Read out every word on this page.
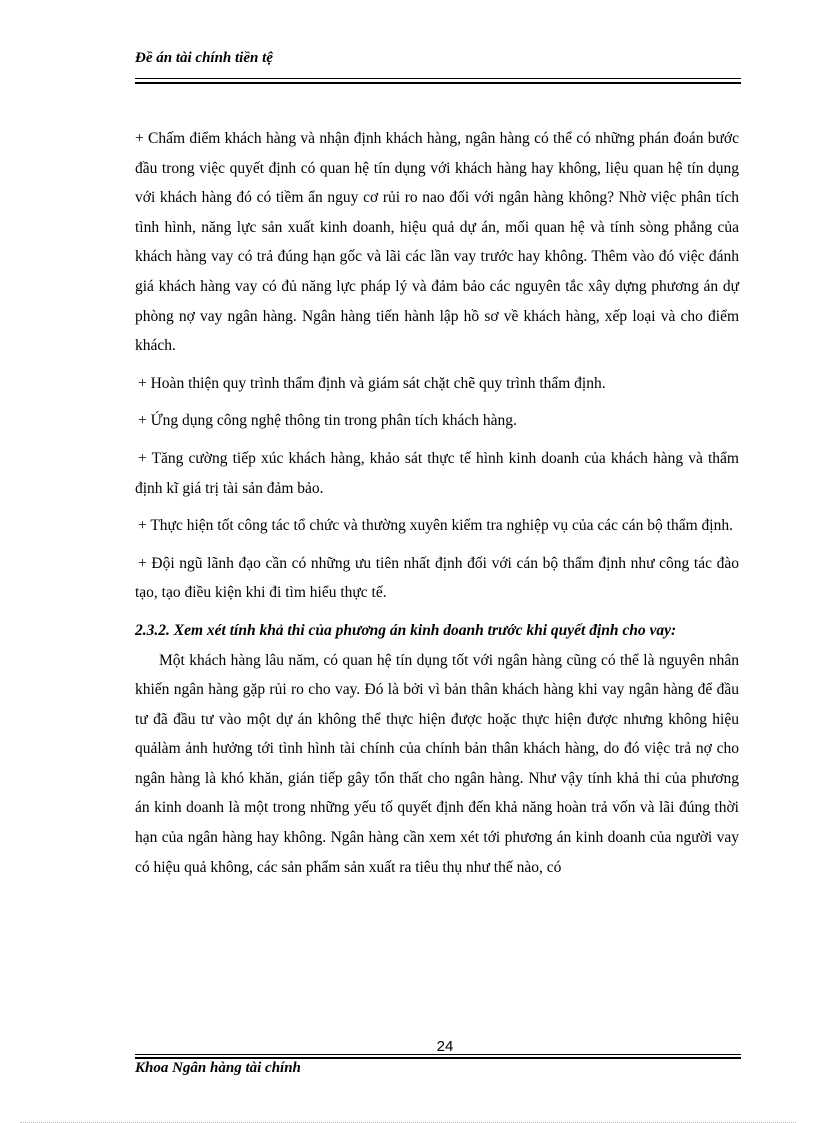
Đề án tài chính tiền tệ

+ Chấm điểm khách hàng và nhận định khách hàng, ngân hàng có thể có những phán đoán bước đầu trong việc quyết định có quan hệ tín dụng với khách hàng hay không, liệu quan hệ tín dụng với khách hàng đó có tiềm ẩn nguy cơ rủi ro nao đối với ngân hàng không? Nhờ việc phân tích tình hình, năng lực sản xuất kinh doanh, hiệu quả dự án, mối quan hệ và tính sòng phẳng của khách hàng vay có trả đúng hạn gốc và lãi các lần vay trước hay không. Thêm vào đó việc đánh giá khách hàng vay có đủ năng lực pháp lý và đảm bảo các nguyên tắc xây dựng phương án dự phòng nợ vay ngân hàng. Ngân hàng tiến hành lập hồ sơ về khách hàng, xếp loại và cho điểm khách.

+ Hoàn thiện quy trình thẩm định và giám sát chặt chẽ quy trình thẩm định.

+ Ứng dụng công nghệ thông tin trong phân tích khách hàng.

+ Tăng cường tiếp xúc khách hàng, khảo sát thực tế hình kinh doanh của khách hàng và thẩm định kĩ giá trị tài sản đảm bảo.

+ Thực hiện tốt công tác tổ chức và thường xuyên kiểm tra nghiệp vụ của các cán bộ thẩm định.

+ Đội ngũ lãnh đạo cần có những ưu tiên nhất định đối với cán bộ thẩm định như công tác đào tạo, tạo điều kiện khi đi tìm hiểu thực tế.

2.3.2. Xem xét tính khả thi của phương án kinh doanh trước khi quyết định cho vay:

Một khách hàng lâu năm, có quan hệ tín dụng tốt với ngân hàng cũng có thể là nguyên nhân khiến ngân hàng gặp rủi ro cho vay. Đó là bởi vì bản thân khách hàng khi vay ngân hàng để đầu tư đã đầu tư vào một dự án không thể thực hiện được hoặc thực hiện được nhưng không hiệu quảlàm ảnh hưởng tới tình hình tài chính của chính bản thân khách hàng, do đó việc trả nợ cho ngân hàng là khó khăn, gián tiếp gây tổn thất cho ngân hàng. Như vậy tính khả thi của phương án kinh doanh là một trong những yếu tố quyết định đến khả năng hoàn trả vốn và lãi đúng thời hạn của ngân hàng hay không. Ngân hàng cần xem xét tới phương án kinh doanh của người vay có hiệu quả không, các sản phẩm sản xuất ra tiêu thụ như thế nào, có

24
Khoa Ngân hàng tài chính
